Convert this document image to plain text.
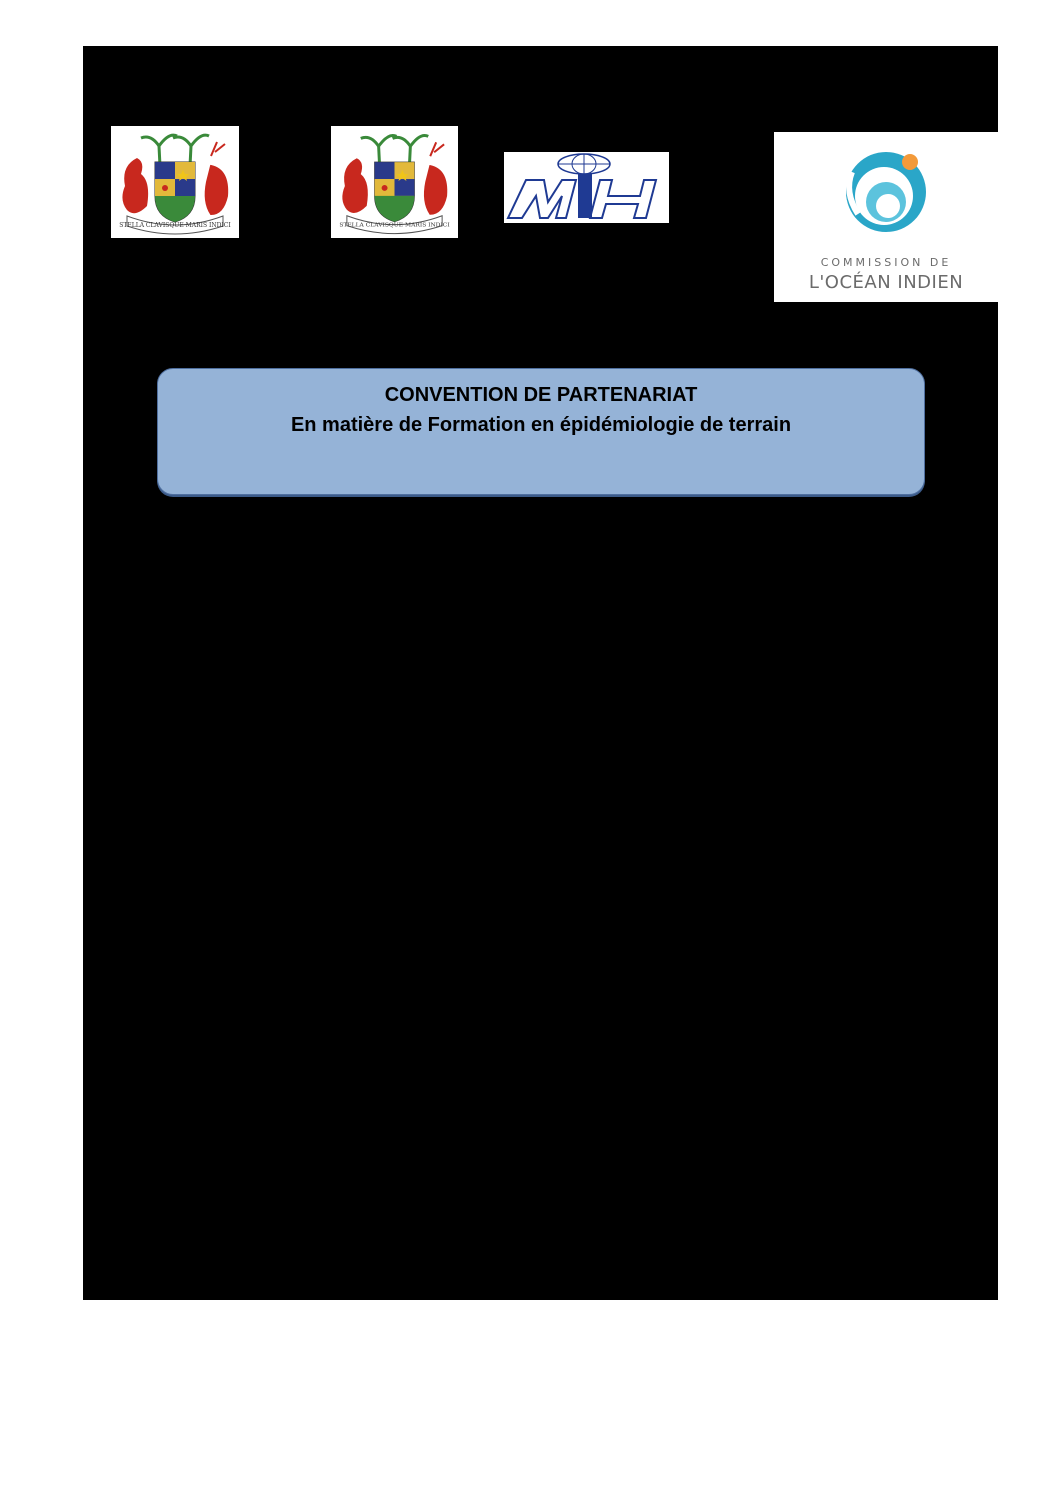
STELLA CLAVISQUE MARIS INDICI	STELLA CLAVISQUE MARIS INDICI
MIH
COMMISSION DE
L'OCÉAN INDIEN
CONVENTION DE PARTENARIAT
En matière de Formation en épidémiologie de terrain
